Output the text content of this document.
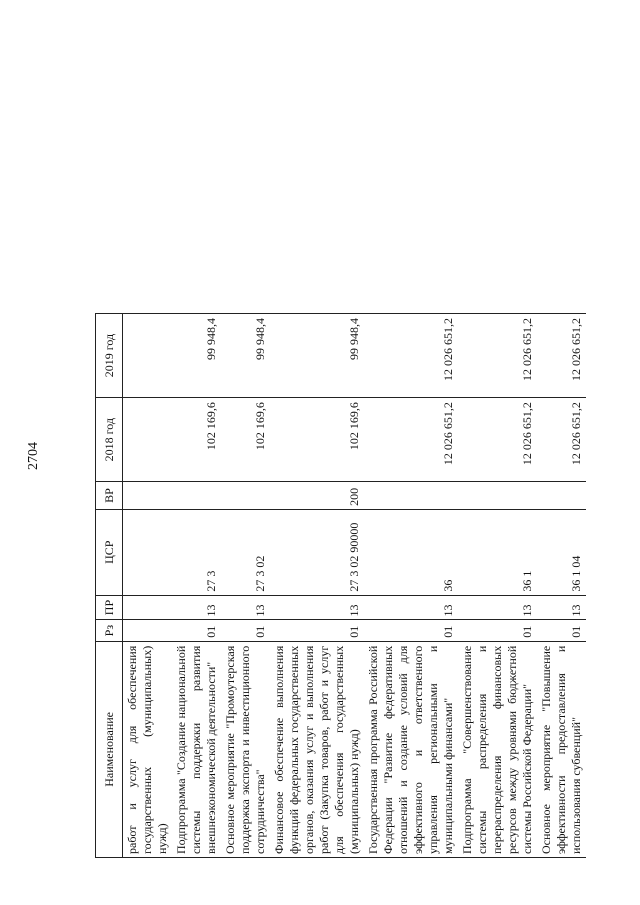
2704
Наименование	Рз	ПР	ЦСР	ВР	2018 год	2019 год
работ и услуг для обеспечения государственных (муниципальных) нужд)						
Подпрограмма "Создание национальной системы поддержки развития внешнеэкономической деятельности"	01	13	27 3		102 169,6	99 948,4
Основное мероприятие "Промоутерская поддержка экспорта и инвестиционного сотрудничества"	01	13	27 3 02		102 169,6	99 948,4
Финансовое обеспечение выполнения функций федеральных государственных органов, оказания услуг и выполнения работ (Закупка товаров, работ и услуг для обеспечения государственных (муниципальных) нужд)	01	13	27 3 02 90000	200	102 169,6	99 948,4
Государственная программа Российской Федерации "Развитие федеративных отношений и создание условий для эффективного и ответственного управления региональными и муниципальными финансами"	01	13	36		12 026 651,2	12 026 651,2
Подпрограмма "Совершенствование системы распределения и перераспределения финансовых ресурсов между уровнями бюджетной системы Российской Федерации"	01	13	36 1		12 026 651,2	12 026 651,2
Основное мероприятие "Повышение эффективности предоставления и использования субвенций"	01	13	36 1 04		12 026 651,2	12 026 651,2
